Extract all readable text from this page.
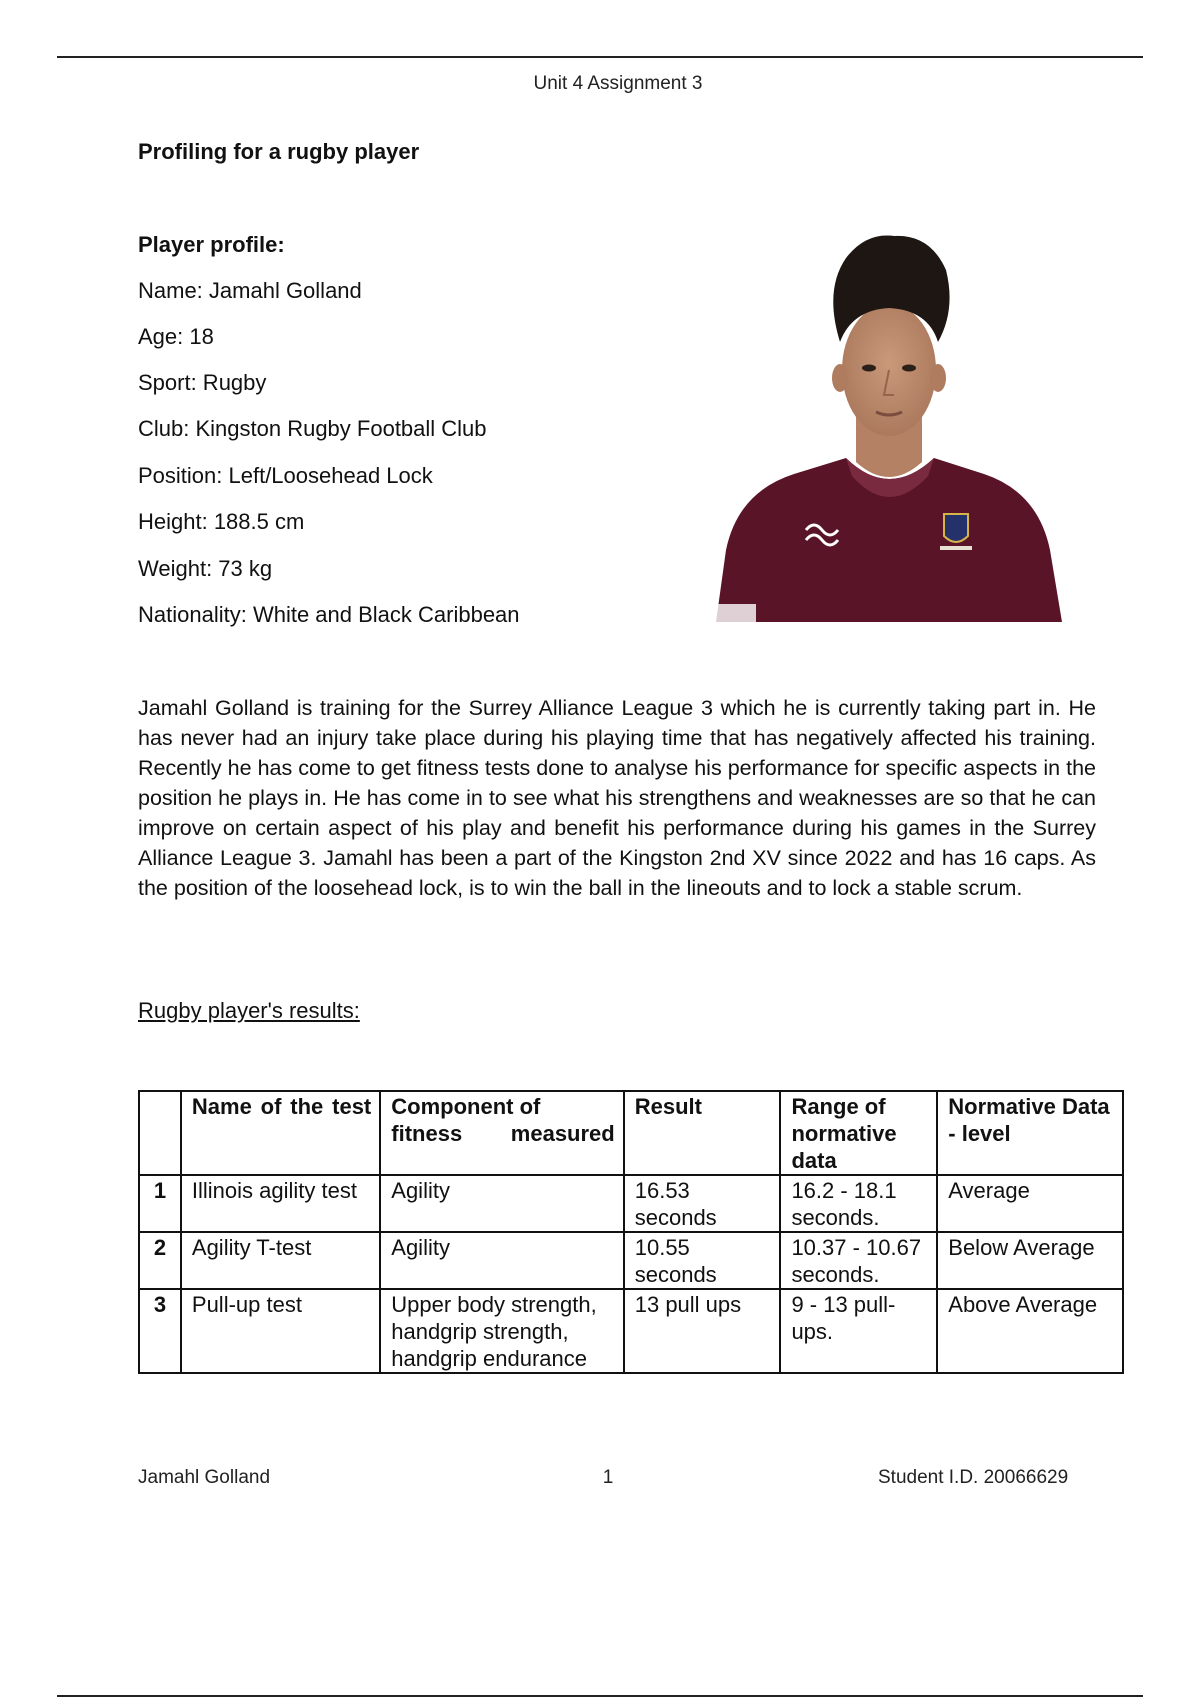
Unit 4 Assignment 3
Profiling for a rugby player
Player profile:
Name: Jamahl Golland
Age: 18
Sport: Rugby
Club: Kingston Rugby Football Club
Position: Left/Loosehead Lock
Height: 188.5 cm
Weight: 73 kg
Nationality: White and Black Caribbean
Jamahl Golland is training for the Surrey Alliance League 3 which he is currently taking part in. He has never had an injury take place during his playing time that has negatively affected his training. Recently he has come to get fitness tests done to analyse his performance for specific aspects in the position he plays in. He has come in to see what his strengthens and weaknesses are so that he can improve on certain aspect of his play and benefit his performance during his games in the Surrey Alliance League 3. Jamahl has been a part of the Kingston 2nd XV since 2022 and has 16 caps. As the position of the loosehead lock, is to win the ball in the lineouts and to lock a stable scrum.
Rugby player's results:
	Name of the test	Component of fitness measured	Result	Range of normative data	Normative Data - level
1	Illinois agility test	Agility	16.53 seconds	16.2 - 18.1 seconds.	Average
2	Agility T-test	Agility	10.55 seconds	10.37 - 10.67 seconds.	Below Average
3	Pull-up test	Upper body strength, handgrip strength, handgrip endurance	13 pull ups	9 - 13 pull-ups.	Above Average
Jamahl Golland	1	Student I.D. 20066629
